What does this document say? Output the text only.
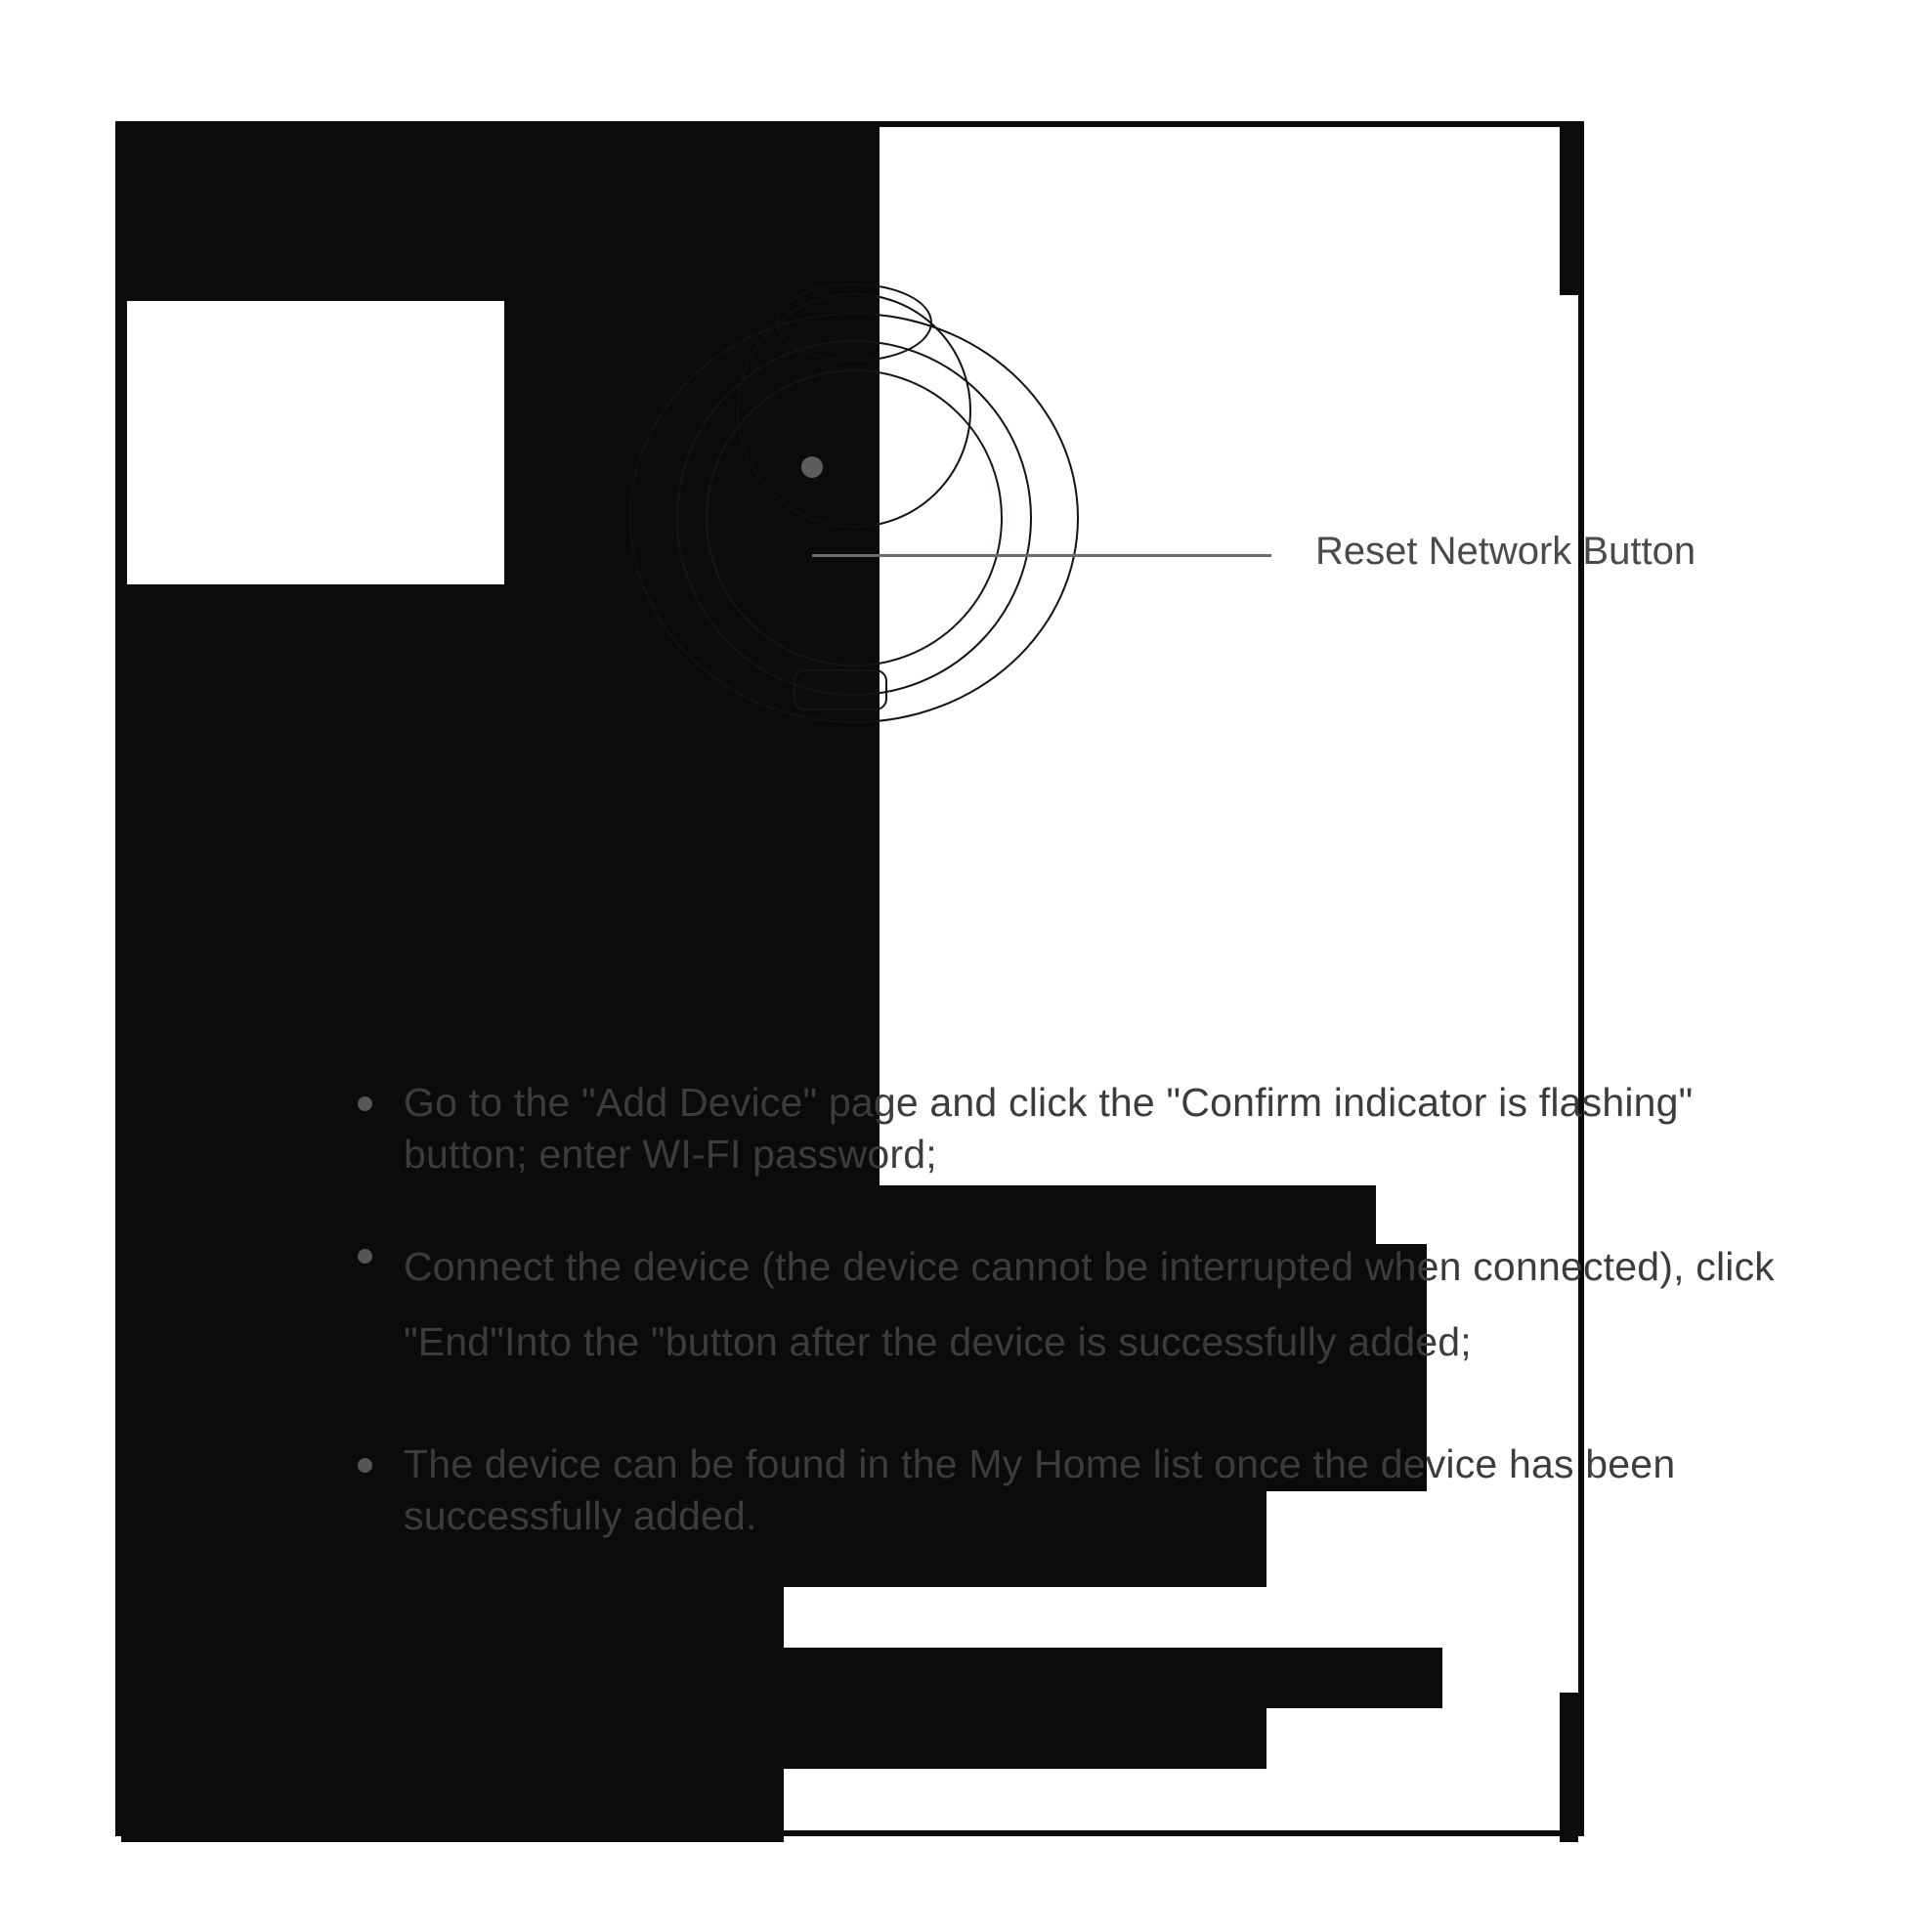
Reset Network Button
Go to the "Add Device" page and click the "Confirm indicator is flashing" button; enter WI-FI password;
Connect the device (the device cannot be interrupted when connected), click "End"Into the "button after the device is successfully added;
The device can be found in the My Home list once the device has been successfully added.
